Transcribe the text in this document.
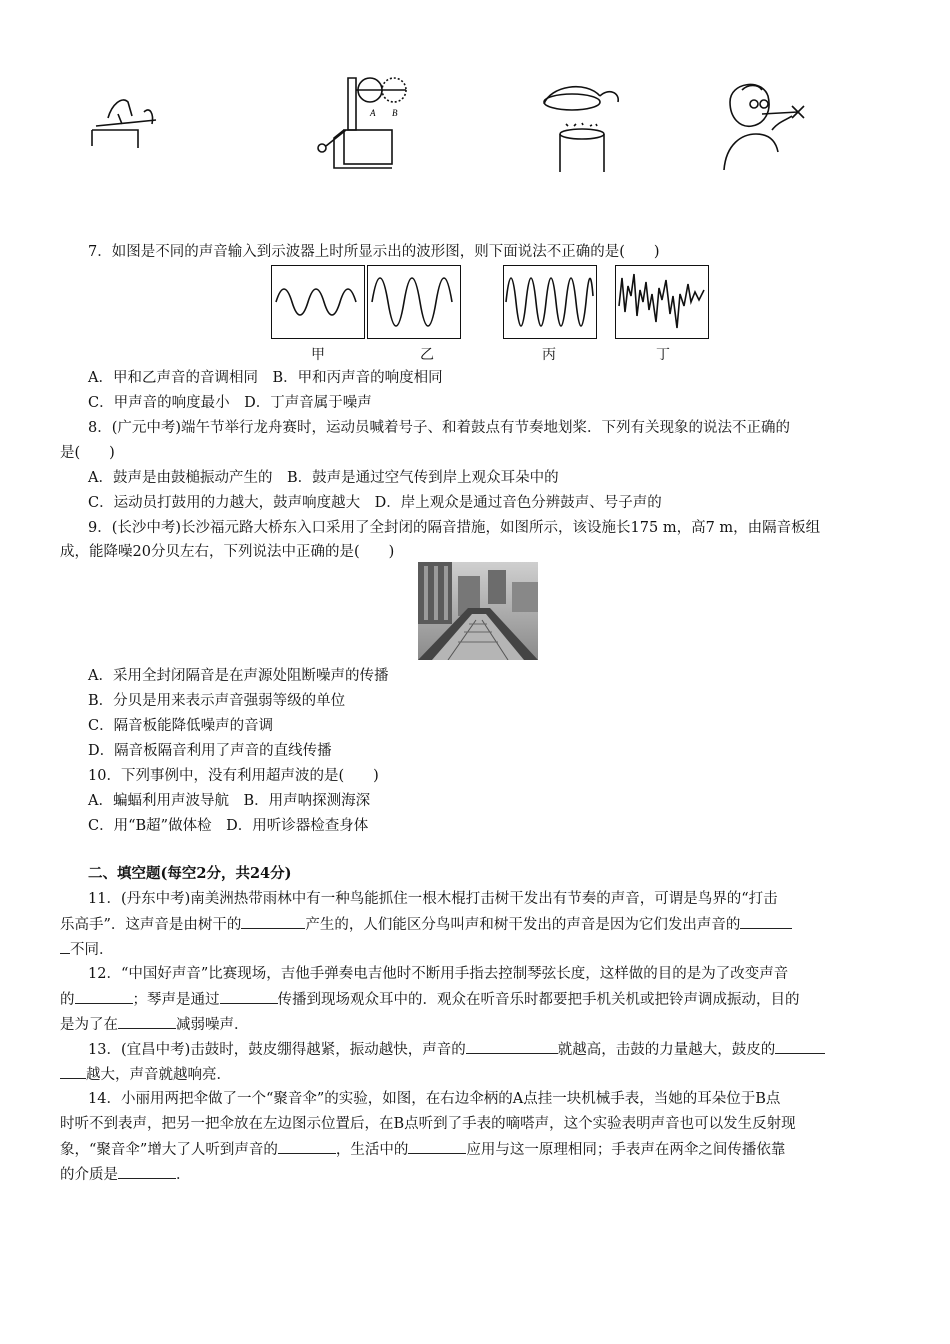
A B
7．如图是不同的声音输入到示波器上时所显示出的波形图，则下面说法不正确的是(　　)
甲	乙	丙	丁
A．甲和乙声音的音调相同　B．甲和丙声音的响度相同
C．甲声音的响度最小　D．丁声音属于噪声
8．(广元中考)端午节举行龙舟赛时，运动员喊着号子、和着鼓点有节奏地划桨．下列有关现象的说法不正确的
是(　　)
A．鼓声是由鼓槌振动产生的　B．鼓声是通过空气传到岸上观众耳朵中的
C．运动员打鼓用的力越大，鼓声响度越大　D．岸上观众是通过音色分辨鼓声、号子声的
9．(长沙中考)长沙福元路大桥东入口采用了全封闭的隔音措施，如图所示，该设施长175 m，高7 m，由隔音板组
成，能降噪20分贝左右，下列说法中正确的是(　　)
A．采用全封闭隔音是在声源处阻断噪声的传播
B．分贝是用来表示声音强弱等级的单位
C．隔音板能降低噪声的音调
D．隔音板隔音利用了声音的直线传播
10．下列事例中，没有利用超声波的是(　　)
A．蝙蝠利用声波导航　B．用声呐探测海深
C．用“B超”做体检　D．用听诊器检查身体
二、填空题(每空2分，共24分)
11．(丹东中考)南美洲热带雨林中有一种鸟能抓住一根木棍打击树干发出有节奏的声音，可谓是鸟界的“打击
乐高手”．这声音是由树干的	产生的，人们能区分鸟叫声和树干发出的声音是因为它们发出声音的
不同．
12．“中国好声音”比赛现场，吉他手弹奏电吉他时不断用手指去控制琴弦长度，这样做的目的是为了改变声音
的	；琴声是通过	传播到现场观众耳中的．观众在听音乐时都要把手机关机或把铃声调成振动，目的
是为了在	减弱噪声．
13．(宜昌中考)击鼓时，鼓皮绷得越紧，振动越快，声音的	就越高，击鼓的力量越大，鼓皮的
越大，声音就越响亮．
14．小丽用两把伞做了一个“聚音伞”的实验，如图，在右边伞柄的A点挂一块机械手表，当她的耳朵位于B点
时听不到表声，把另一把伞放在左边图示位置后，在B点听到了手表的嘀嗒声，这个实验表明声音也可以发生反射现
象，“聚音伞”增大了人听到声音的	，生活中的	应用与这一原理相同；手表声在两伞之间传播依靠
的介质是	．
